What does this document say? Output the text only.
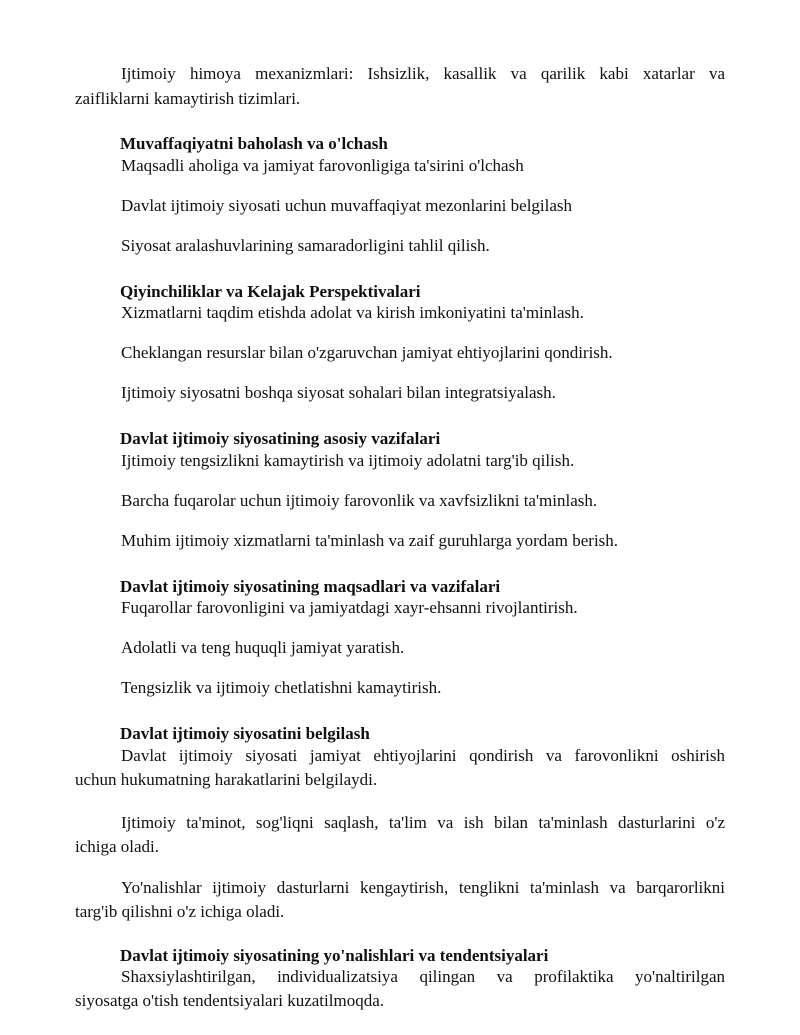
Ijtimoiy himoya mexanizmlari: Ishsizlik, kasallik va qarilik kabi xatarlar va

zaifliklarni kamaytirish tizimlari.

Muvaffaqiyatni baholash va o'lchash

Maqsadli aholiga va jamiyat farovonligiga ta'sirini o'lchash

Davlat ijtimoiy siyosati uchun muvaffaqiyat mezonlarini belgilash

Siyosat aralashuvlarining samaradorligini tahlil qilish.

Qiyinchiliklar va Kelajak Perspektivalari

Xizmatlarni taqdim etishda adolat va kirish imkoniyatini ta'minlash.

Cheklangan resurslar bilan o'zgaruvchan jamiyat ehtiyojlarini qondirish.

Ijtimoiy siyosatni boshqa siyosat sohalari bilan integratsiyalash.

Davlat ijtimoiy siyosatining asosiy vazifalari

Ijtimoiy tengsizlikni kamaytirish va ijtimoiy adolatni targ'ib qilish.

Barcha fuqarolar uchun ijtimoiy farovonlik va xavfsizlikni ta'minlash.

Muhim ijtimoiy xizmatlarni ta'minlash va zaif guruhlarga yordam berish.

Davlat ijtimoiy siyosatining maqsadlari va vazifalari

Fuqarollar farovonligini va jamiyatdagi xayr-ehsanni rivojlantirish.

Adolatli va teng huquqli jamiyat yaratish.

Tengsizlik va ijtimoiy chetlatishni kamaytirish.

Davlat ijtimoiy siyosatini belgilash

Davlat ijtimoiy siyosati jamiyat ehtiyojlarini qondirish va farovonlikni oshirish

uchun hukumatning harakatlarini belgilaydi.

Ijtimoiy ta'minot, sog'liqni saqlash, ta'lim va ish bilan ta'minlash dasturlarini o'z

ichiga oladi.

Yo'nalishlar ijtimoiy dasturlarni kengaytirish, tenglikni ta'minlash va barqarorlikni

targ'ib qilishni o'z ichiga oladi.

Davlat ijtimoiy siyosatining yo'nalishlari va tendentsiyalari

Shaxsiylashtirilgan, individualizatsiya qilingan va profilaktika yo'naltirilgan

siyosatga o'tish tendentsiyalari kuzatilmoqda.
